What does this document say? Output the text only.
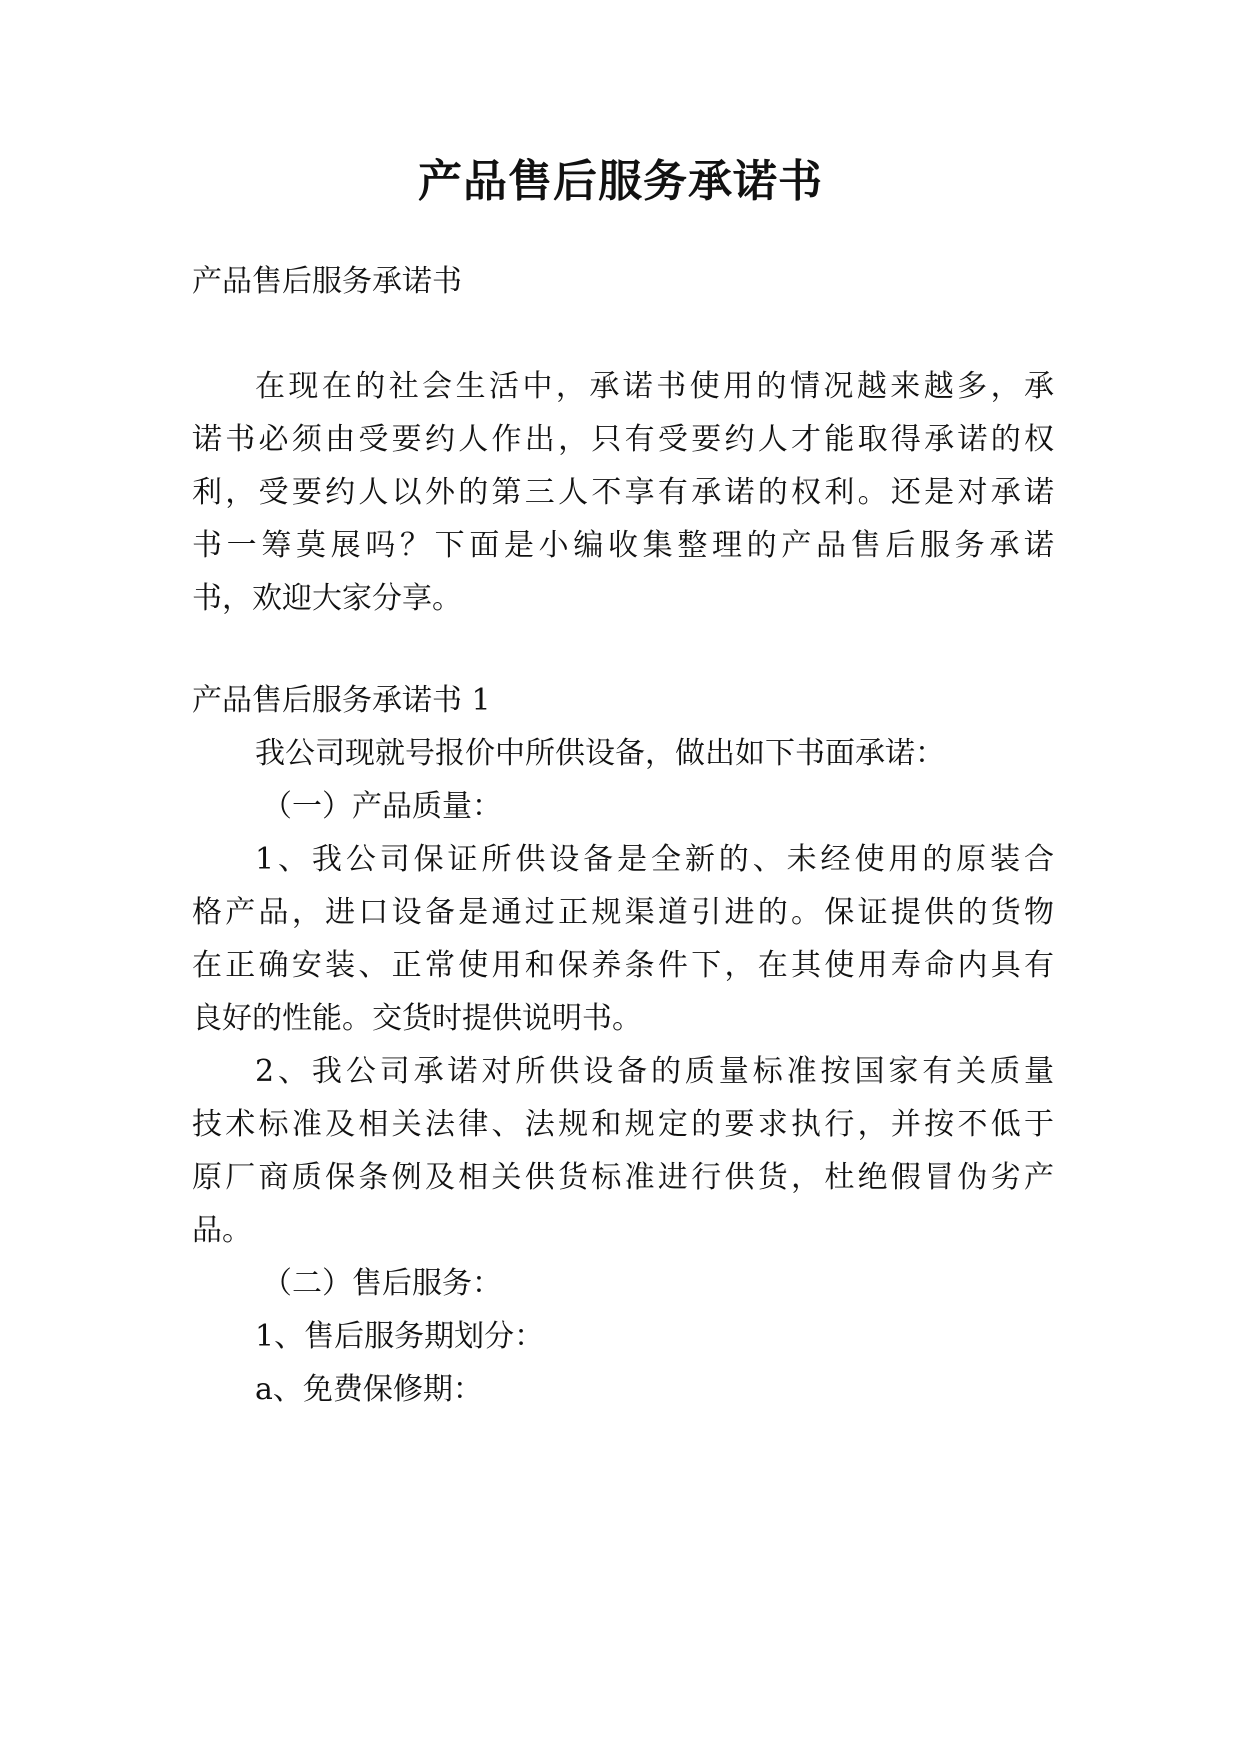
产品售后服务承诺书
产品售后服务承诺书
在现在的社会生活中，承诺书使用的情况越来越多，承
诺书必须由受要约人作出，只有受要约人才能取得承诺的权
利，受要约人以外的第三人不享有承诺的权利。还是对承诺
书一筹莫展吗？下面是小编收集整理的产品售后服务承诺
书，欢迎大家分享。
产品售后服务承诺书 1
我公司现就号报价中所供设备，做出如下书面承诺：
（一）产品质量：
1、我公司保证所供设备是全新的、未经使用的原装合
格产品，进口设备是通过正规渠道引进的。保证提供的货物
在正确安装、正常使用和保养条件下，在其使用寿命内具有
良好的性能。交货时提供说明书。
2、我公司承诺对所供设备的质量标准按国家有关质量
技术标准及相关法律、法规和规定的要求执行，并按不低于
原厂商质保条例及相关供货标准进行供货，杜绝假冒伪劣产
品。
（二）售后服务：
1、售后服务期划分：
a、免费保修期：
